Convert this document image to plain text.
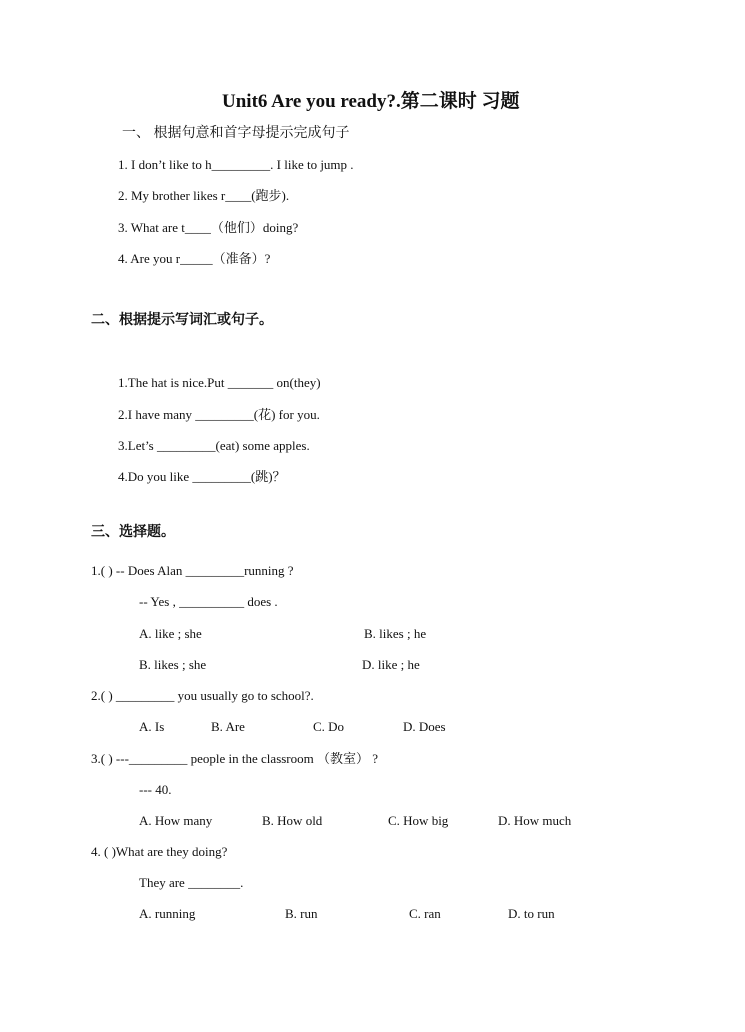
Unit6 Are you ready?.第二课时 习题
一、 根据句意和首字母提示完成句子
1. I don’t like to h_________. I like to jump .
2. My brother likes r____(跑步).
3. What are t____（他们）doing?
4. Are you r_____（准备）?
二、根据提示写词汇或句子。
1.The hat is nice.Put _______ on(they)
2.I have many _________(花) for you.
3.Let’s _________(eat) some apples.
4.Do you like _________(跳)？
三、选择题。
1.( ) -- Does Alan _________running ?
-- Yes , __________ does .
A. like ; she	B. likes ; he
B. likes ; she	D. like ; he
2.( ) _________ you usually go to school?.
A. Is	B. Are	C. Do	D. Does
3.( ) ---_________ people in the classroom （教室） ?
--- 40.
A. How many	B. How old	C. How big	D. How much
4. ( )What are they doing?
They are ________.
A. running	B. run	C. ran	D. to run
